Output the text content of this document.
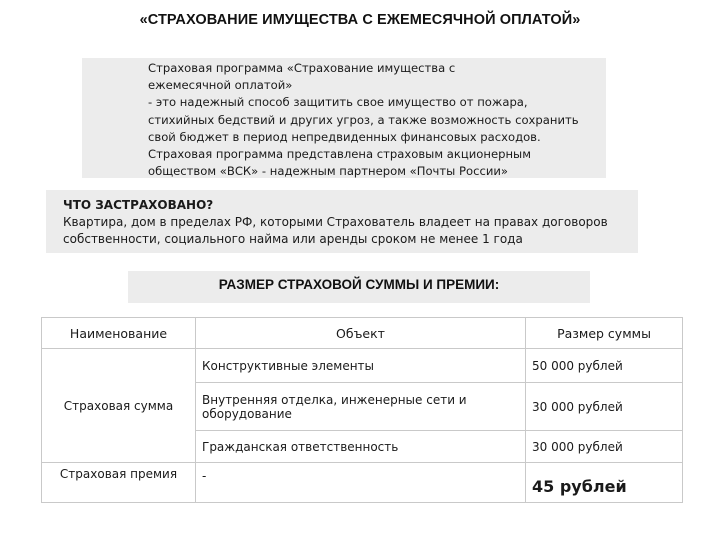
«СТРАХОВАНИЕ ИМУЩЕСТВА С ЕЖЕМЕСЯЧНОЙ ОПЛАТОЙ»
Страховая программа «Страхование имущества с
ежемесячной оплатой»
- это надежный способ защитить свое имущество от пожара,
стихийных бедствий и других угроз, а также возможность сохранить
свой бюджет в период непредвиденных финансовых расходов.
Страховая программа представлена страховым акционерным
обществом «ВСК» - надежным партнером «Почты России»
ЧТО ЗАСТРАХОВАНО?
Квартира, дом в пределах РФ, которыми Страхователь владеет на правах договоров
собственности, социального найма или аренды сроком не менее 1 года
РАЗМЕР СТРАХОВОЙ СУММЫ И ПРЕМИИ:
Наименование	Объект	Размер суммы
Страховая сумма	Конструктивные элементы	50 000 рублей
	Внутренняя отделка, инженерные сети и оборудование	30 000 рублей
	Гражданская ответственность	30 000 рублей
Страховая премия	-	45 рублей
